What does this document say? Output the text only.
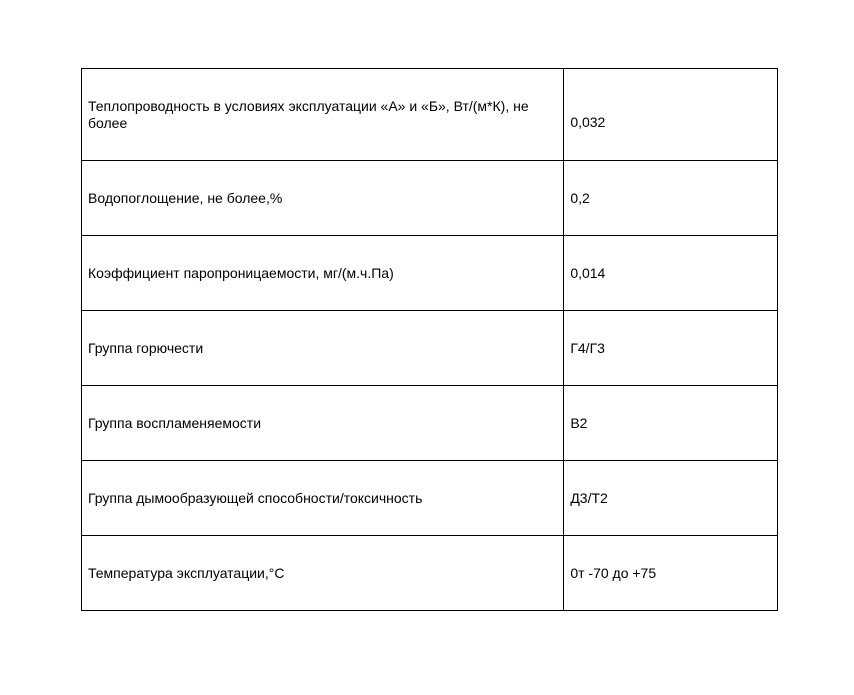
Теплопроводность в условиях эксплуатации «А» и «Б», Вт/(м*К), не более	0,032
Водопоглощение, не более,%	0,2
Коэффициент паропроницаемости, мг/(м.ч.Па)	0,014
Группа горючести	Г4/Г3
Группа воспламеняемости	В2
Группа дымообразующей способности/токсичность	Д3/Т2
Температура эксплуатации,°С	0т -70 до +75
